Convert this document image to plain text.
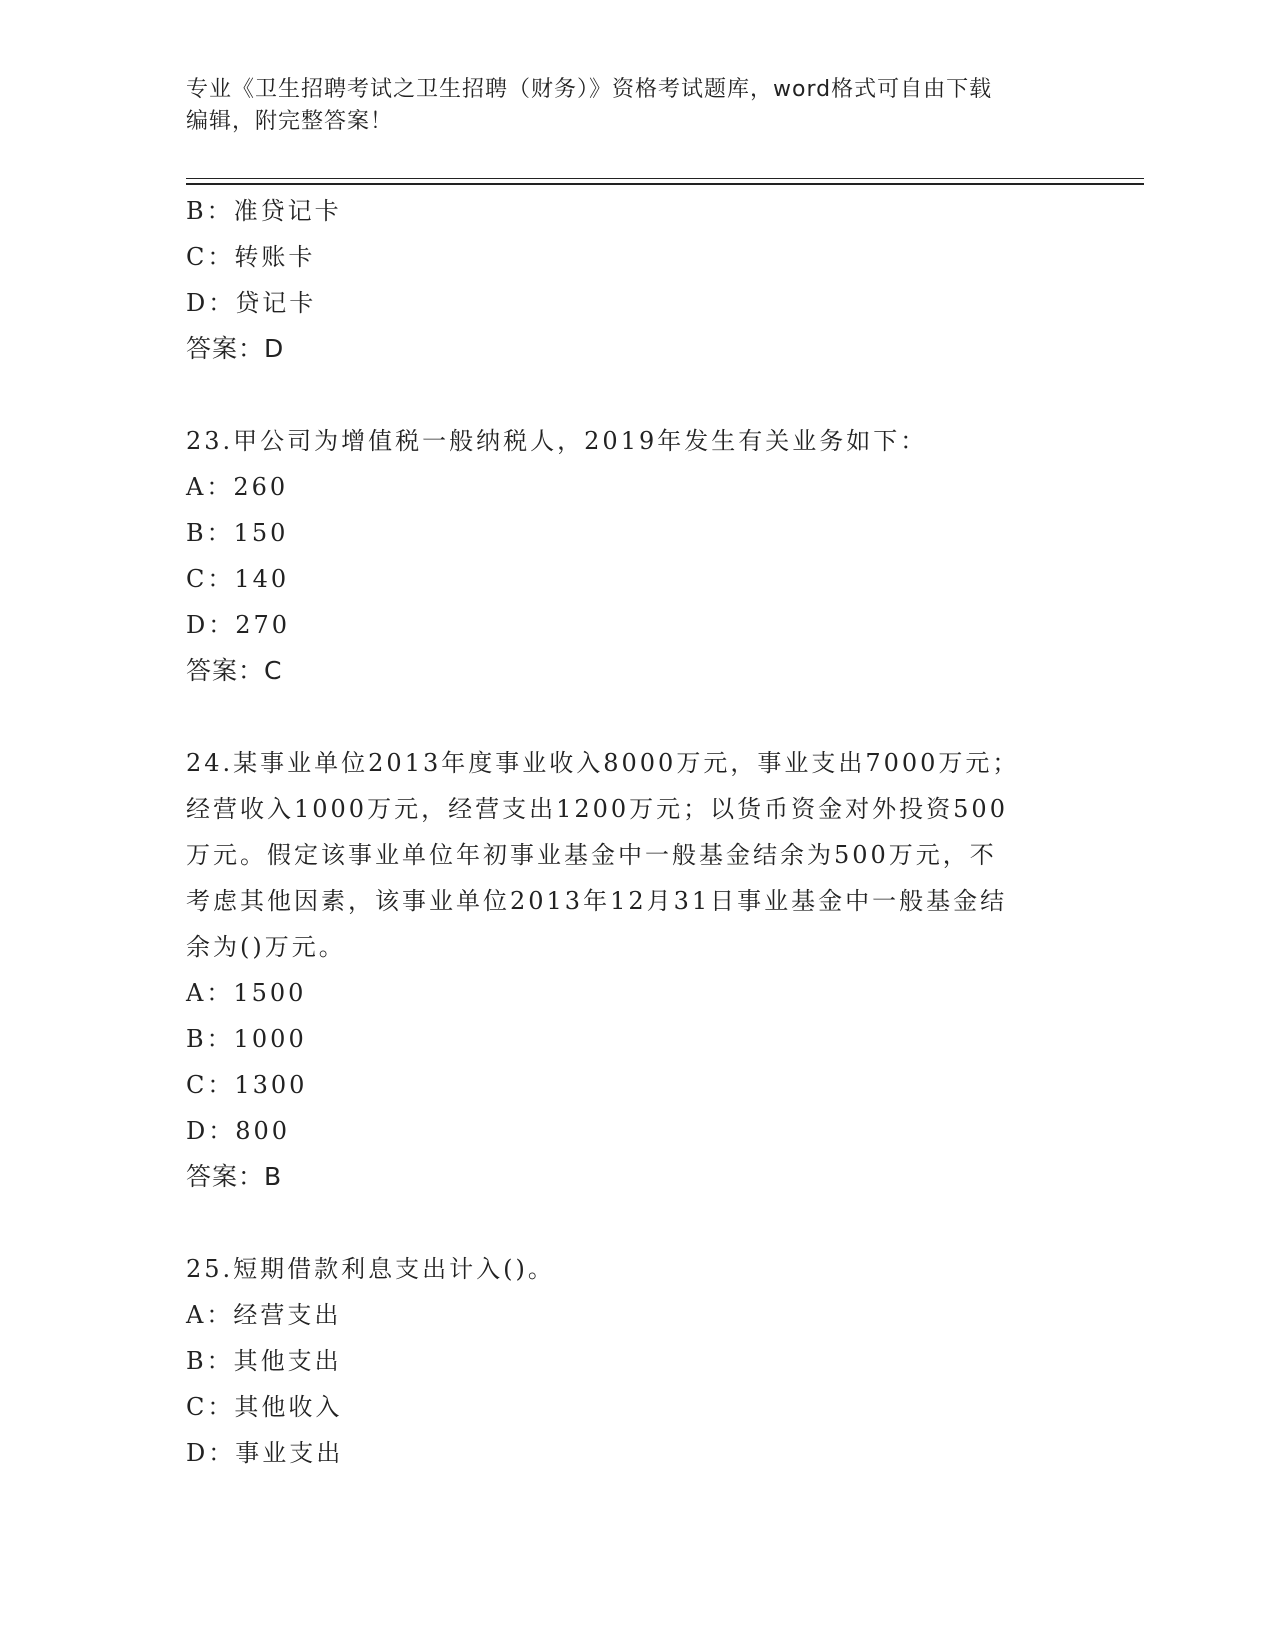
专业《卫生招聘考试之卫生招聘（财务）》资格考试题库，word格式可自由下载
编辑，附完整答案！
B：准贷记卡
C：转账卡
D：贷记卡
答案：D
23.甲公司为增值税一般纳税人，2019年发生有关业务如下：
A：260
B：150
C：140
D：270
答案：C
24.某事业单位2013年度事业收入8000万元，事业支出7000万元；
经营收入1000万元，经营支出1200万元；以货币资金对外投资500
万元。假定该事业单位年初事业基金中一般基金结余为500万元，不
考虑其他因素，该事业单位2013年12月31日事业基金中一般基金结
余为()万元。
A：1500
B：1000
C：1300
D：800
答案：B
25.短期借款利息支出计入()。
A：经营支出
B：其他支出
C：其他收入
D：事业支出
